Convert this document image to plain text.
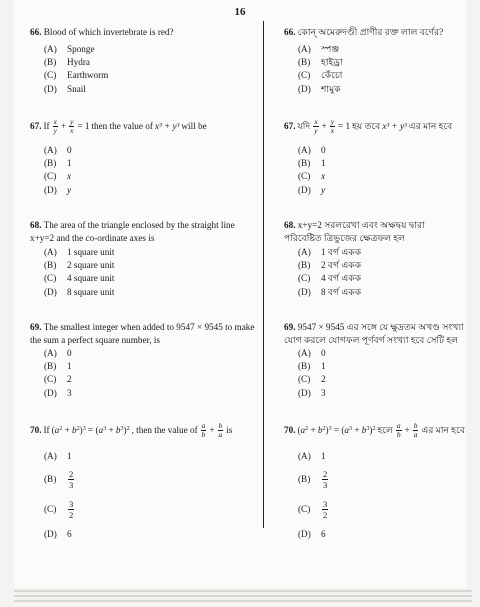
16
66. Blood of which invertebrate is red?
(A)	Sponge
(B)	Hydra
(C)	Earthworm
(D)	Snail
66. কোন্ অমেরুদণ্ডী প্রাণীর রক্ত লাল বর্ণের?
(A)	স্পঞ্জ
(B)	হাইড্রা
(C)	কেঁচো
(D)	শামুক
67. If $\frac{x}{y} + \frac{y}{x} = 1$ then the value of x³ + y³ will be
(A)	0
(B)	1
(C)	x
(D)	y
67. যদি $\frac{x}{y} + \frac{y}{x} = 1$ হয় তবে x³ + y³ এর মান হবে
(A)	0
(B)	1
(C)	x
(D)	y
68. The area of the triangle enclosed by the straight line x+y=2 and the co-ordinate axes is
(A)	1 square unit
(B)	2 square unit
(C)	4 square unit
(D)	8 square unit
68. x+y=2 সরলরেখা এবং অক্ষদ্বয় দ্বারা পরিবেষ্টিত ত্রিভুজের ক্ষেত্রফল হল
(A)	1 বর্গ একক
(B)	2 বর্গ একক
(C)	4 বর্গ একক
(D)	8 বর্গ একক
69. The smallest integer when added to 9547 × 9545 to make the sum a perfect square number, is
(A)	0
(B)	1
(C)	2
(D)	3
69. 9547 × 9545 এর সঙ্গে যে ক্ষুদ্রতম অখণ্ড সংখ্যা যোগ করলে যোগফল পূর্ণবর্গ সংখ্যা হবে সেটি হল
(A)	0
(B)	1
(C)	2
(D)	3
70. If $(a^2 + b^2)^3 = (a^3 + b^3)^2$ , then the value of $\frac{a}{b} + \frac{b}{a}$ is
(A)	1
(B)	$\frac{2}{3}$
(C)	$\frac{3}{2}$
(D)	6
70. $(a^2 + b^2)^3 = (a^3 + b^3)^2$ হলে $\frac{a}{b} + \frac{b}{a}$ এর মান হবে
(A)	1
(B)	$\frac{2}{3}$
(C)	$\frac{3}{2}$
(D)	6
